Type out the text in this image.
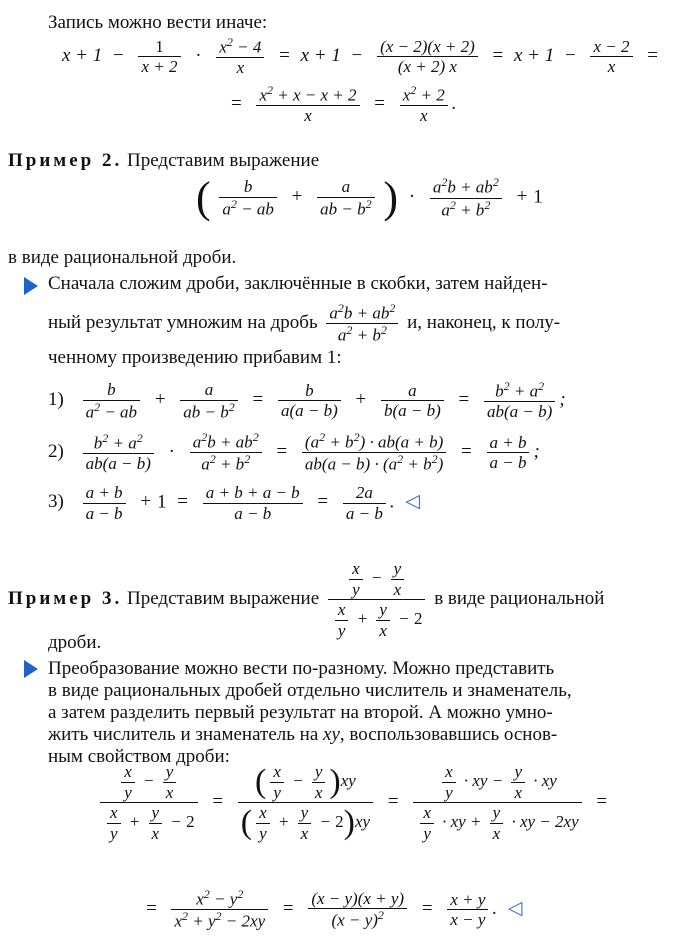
Запись можно вести иначе:
$x + 1 - \frac{1}{x + 2} \cdot \frac{x^2 - 4}{x} = x + 1 - \frac{(x - 2)(x + 2)}{(x + 2) x} = x + 1 - \frac{x - 2}{x}$ =
= $\frac{x^2 + x - x + 2}{x} = \frac{x^2 + 2}{x}$ .
Пример 2. Представим выражение
( $\frac{b}{a^2 - ab} + \frac{a}{ab - b^2}$ ) · $\frac{a^2b + ab^2}{a^2 + b^2} + 1$
в виде рациональной дроби.
Сначала сложим дроби, заключённые в скобки, затем найден-
ный результат умножим на дробь $\frac{a^2b + ab^2}{a^2 + b^2} и$, наконец, к полу-
ченному произведению прибавим 1:
$1) \frac{b}{a^2 - ab} + \frac{a}{ab - b^2} = \frac{b}{a(a - b)} + \frac{a}{b(a - b)} = \frac{b^2 + a^2}{ab(a - b)}$ ;
$2) \frac{b^2 + a^2}{ab(a - b)} \cdot \frac{a^2b + ab^2}{a^2 + b^2} = \frac{(a^2 + b^2) \cdot ab(a + b)}{ab(a - b) \cdot (a^2 + b^2)} = \frac{a + b}{a - b}$ ;
$3) \frac{a + b}{a - b} + 1 = \frac{a + b + a - b}{a - b} = \frac{2a}{a - b}$ . ◁
Пример 3. Представим выражение $\frac{\frac{x}{y} - \frac{y}{x}}{\frac{x}{y} + \frac{y}{x} - 2}$ в виде рациональной
дроби.
Преобразование можно вести по-разному. Можно представить
в виде рациональных дробей отдельно числитель и знаменатель,
а затем разделить первый результат на второй. А можно умно-
жить числитель и знаменатель на xy, воспользовавшись основ-
ным свойством дроби:
$\frac{\frac{x}{y} - \frac{y}{x}}{\frac{x}{y} + \frac{y}{x} - 2} = \frac{( \frac{x}{y} - \frac{y}{x} )xy}{( \frac{x}{y} + \frac{y}{x} - 2)xy} = \frac{\frac{x}{y} \cdot xy - \frac{y}{x} \cdot xy}{\frac{x}{y} \cdot xy + \frac{y}{x} \cdot xy - 2xy}$ =
= $\frac{x^2 - y^2}{x^2 + y^2 - 2xy} = \frac{(x - y)(x + y)}{(x - y)^2} = \frac{x + y}{x - y}$ . ◁
